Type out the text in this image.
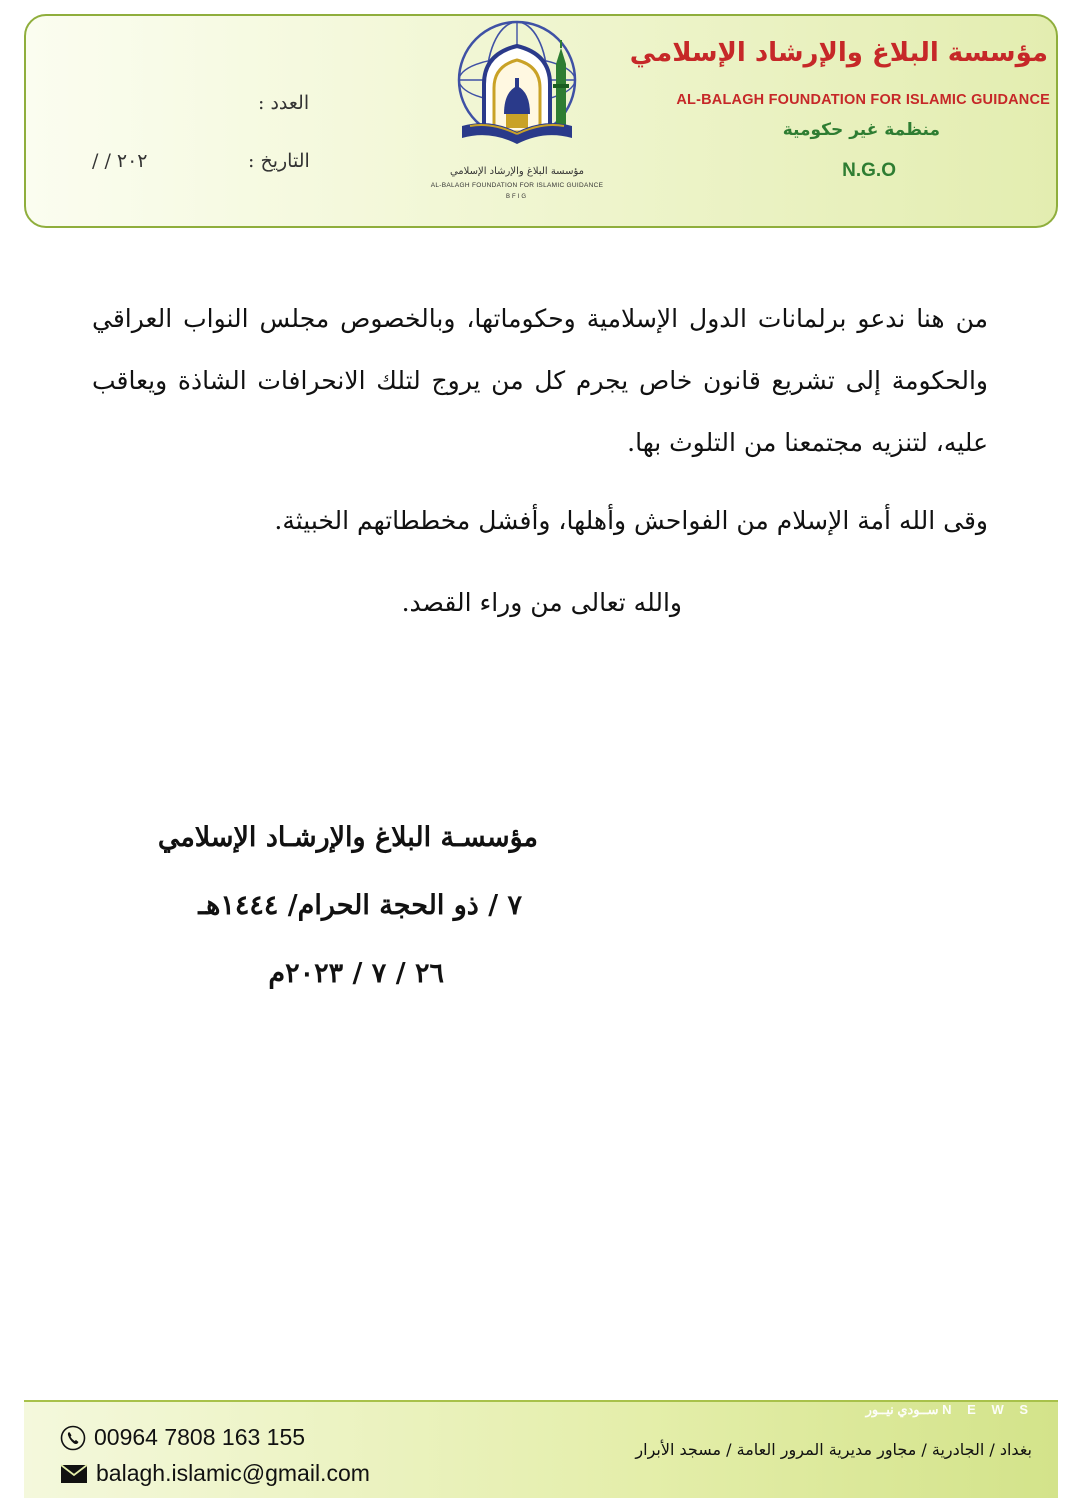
مؤسسة البلاغ والإرشاد الإسلامي
AL-BALAGH FOUNDATION FOR ISLAMIC GUIDANCE
منظمة غير حكومية
N.G.O
مؤسسة البلاغ والإرشاد الإسلامي
AL-BALAGH FOUNDATION FOR ISLAMIC GUIDANCE
BFIG
العدد :
التاريخ :
/ / ٢٠٢
من هنا ندعو برلمانات الدول الإسلامية وحكوماتها، وبالخصوص مجلس النواب العراقي والحكومة إلى تشريع قانون خاص يجرم كل من يروج لتلك الانحرافات الشاذة ويعاقب عليه، لتنزيه مجتمعنا من التلوث بها.
وقى الله أمة الإسلام من الفواحش وأهلها، وأفشل مخططاتهم الخبيثة.
والله تعالى من وراء القصد.
مؤسسـة البلاغ والإرشـاد الإسلامي
٧ / ذو الحجة الحرام/ ١٤٤٤هـ
٢٦ / ٧ / ٢٠٢٣م
00964 7808 163 155
balagh.islamic@gmail.com
بغداد / الجادرية / مجاور مديرية المرور العامة / مسجد الأبرار
ســودي نيــور N E W S
